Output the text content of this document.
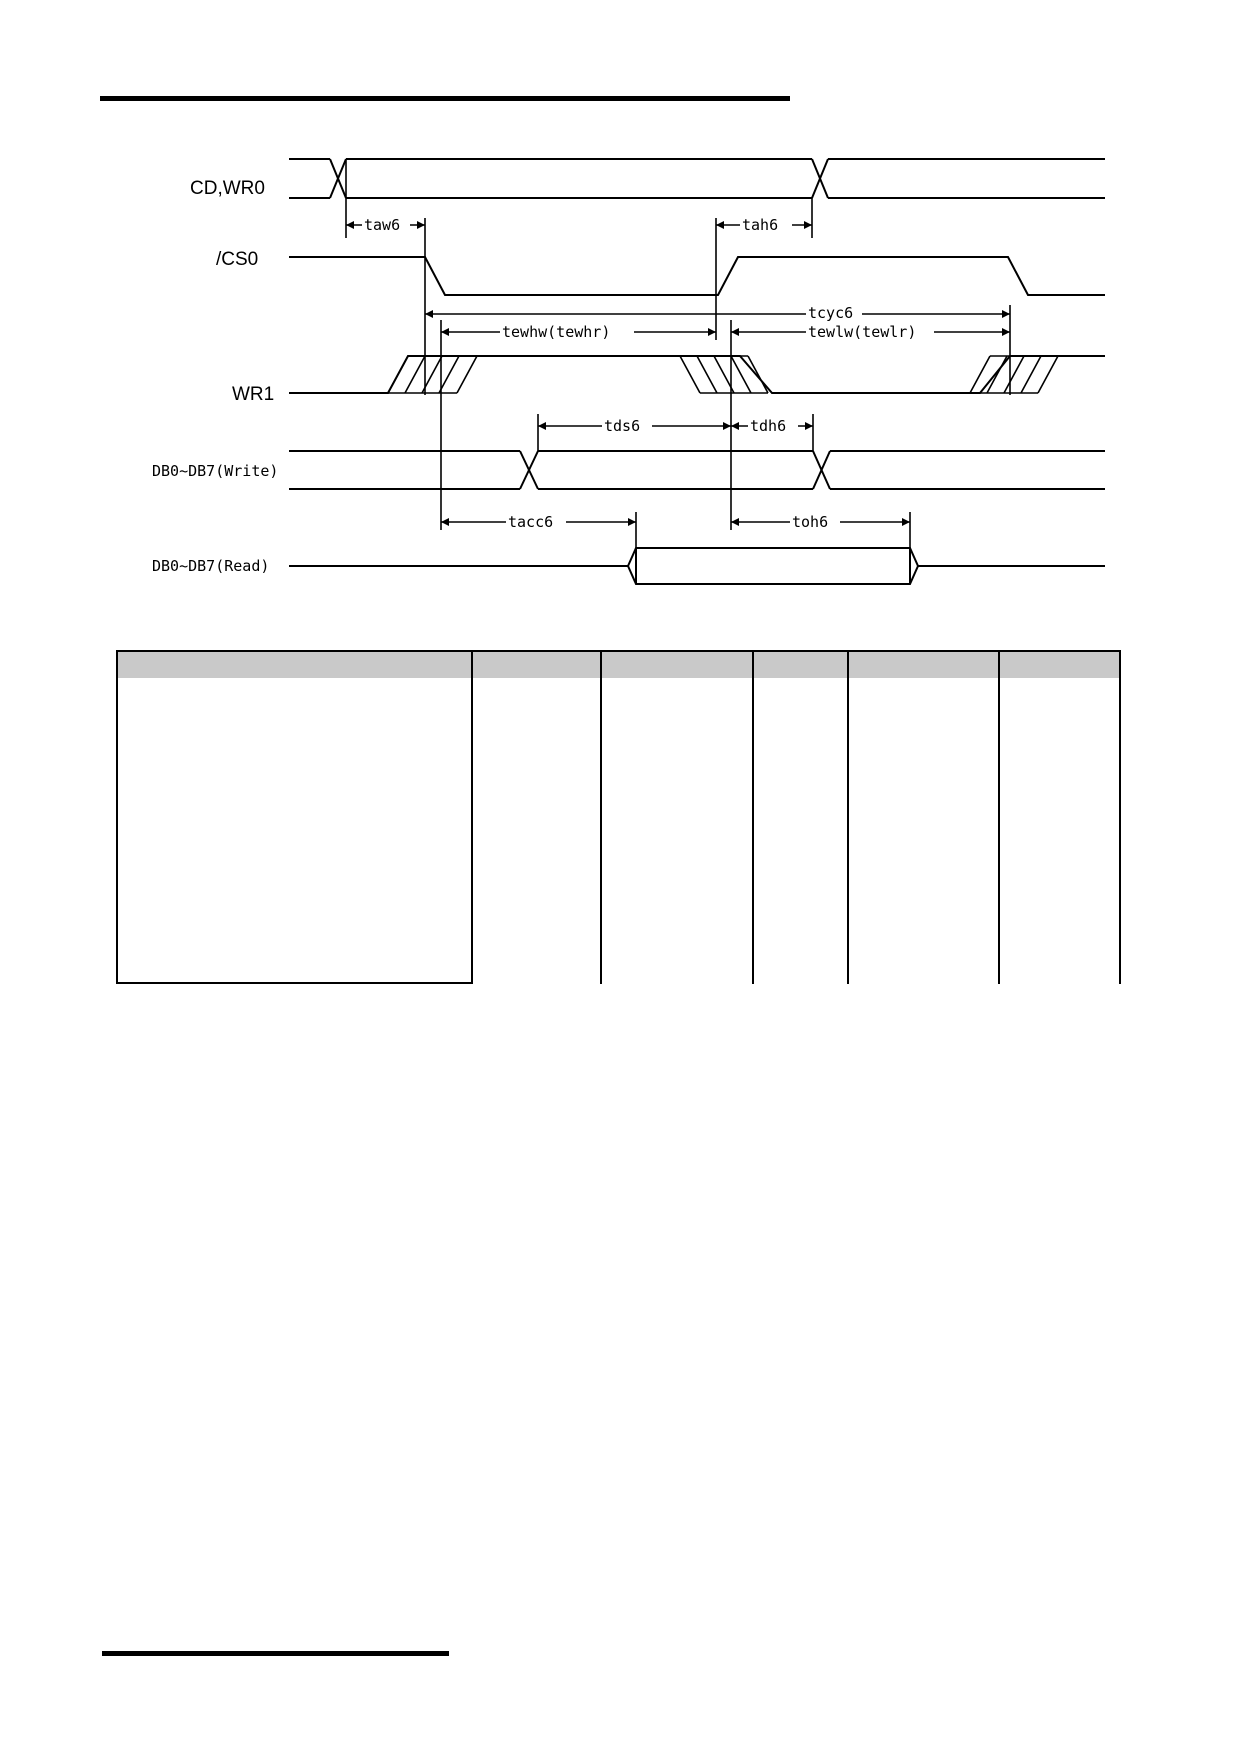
CD,WR0
/CS0
WR1
DB0~DB7(Write)
DB0~DB7(Read)
taw6	tah6
tcyc6
tewhw(tewhr)	tewlw(tewlr)
tds6	tdh6
tacc6	toh6
